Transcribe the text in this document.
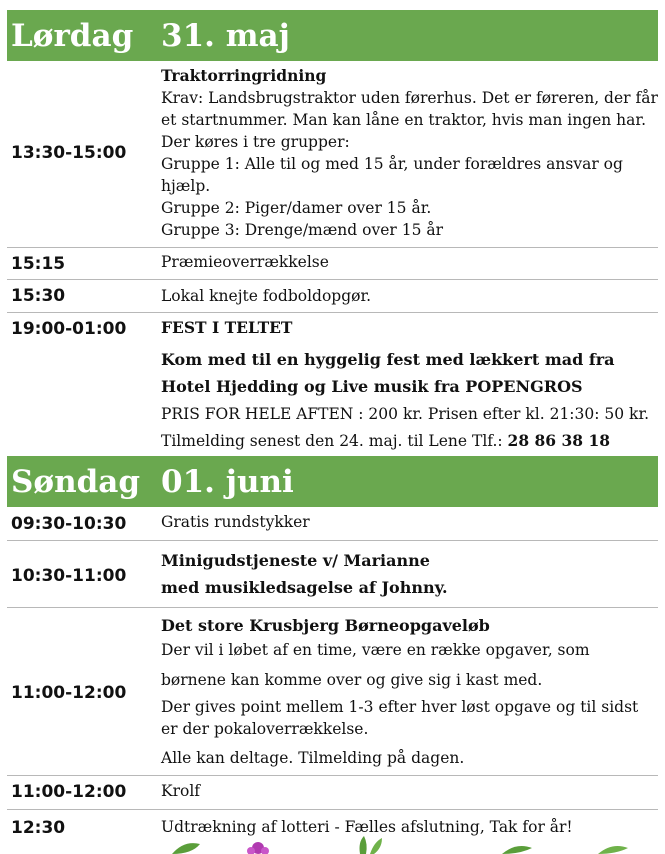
Lørdag 31. maj
13:30-15:00
Traktorringridning
Krav: Landsbrugstraktor uden førerhus. Det er føreren, der får
et startnummer. Man kan låne en traktor, hvis man ingen har.
Der køres i tre grupper:
Gruppe 1: Alle til og med 15 år, under forældres ansvar og
hjælp.
Gruppe 2: Piger/damer over 15 år.
Gruppe 3: Drenge/mænd over 15 år
15:15	Præmieoverrækkelse
15:30	Lokal knejte fodboldopgør.
19:00-01:00 FEST I TELTET
Kom med til en hyggelig fest med lækkert mad fra
Hotel Hjedding og Live musik fra POPENGROS
PRIS FOR HELE AFTEN : 200 kr. Prisen efter kl. 21:30: 50 kr.
Tilmelding senest den 24. maj. til Lene Tlf.: 28 86 38 18
Søndag 01. juni
09:30-10:30 Gratis rundstykker
10:30-11:00
Minigudstjeneste v/ Marianne
med musikledsagelse af Johnny.
11:00-12:00
Det store Krusbjerg Børneopgaveløb
Der vil i løbet af en time, være en række opgaver, som
børnene kan komme over og give sig i kast med.
Der gives point mellem 1-3 efter hver løst opgave og til sidst
er der pokaloverrækkelse.
Alle kan deltage. Tilmelding på dagen.
11:00-12:00 Krolf
12:30	Udtrækning af lotteri - Fælles afslutning, Tak for år!
